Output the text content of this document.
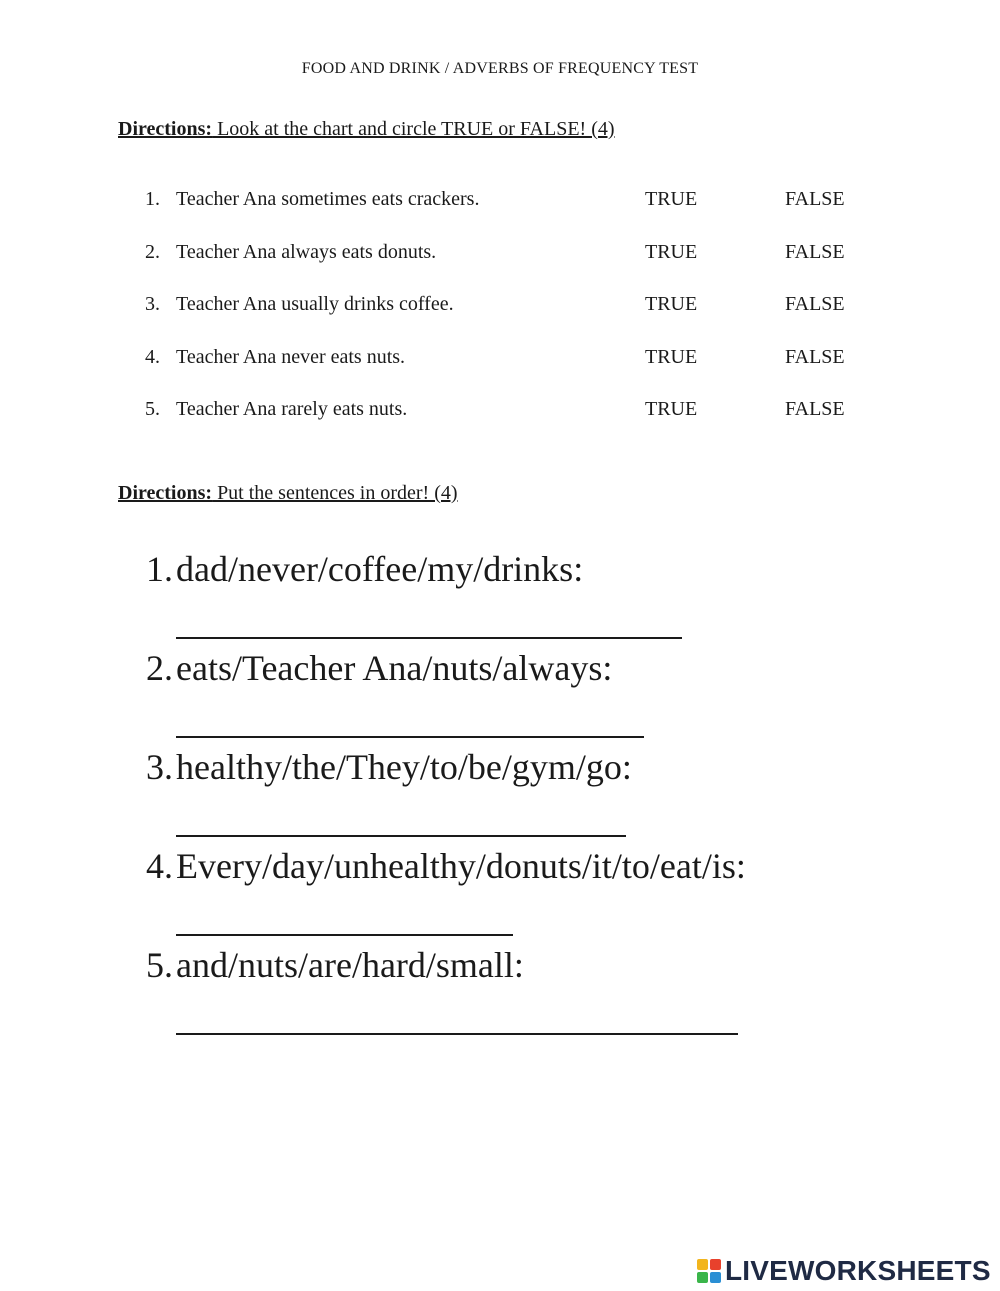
FOOD AND DRINK / ADVERBS OF FREQUENCY TEST
Directions: Look at the chart and circle TRUE or FALSE! (4)
1. Teacher Ana sometimes eats crackers.	TRUE	FALSE
2. Teacher Ana always eats donuts.	TRUE	FALSE
3. Teacher Ana usually drinks coffee.	TRUE	FALSE
4. Teacher Ana never eats nuts.	TRUE	FALSE
5. Teacher Ana rarely eats nuts.	TRUE	FALSE
Directions: Put the sentences in order! (4)
1. dad/never/coffee/my/drinks:
2. eats/Teacher Ana/nuts/always:
3. healthy/the/They/to/be/gym/go:
4. Every/day/unhealthy/donuts/it/to/eat/is:
5. and/nuts/are/hard/small:
LIVEWORKSHEETS
